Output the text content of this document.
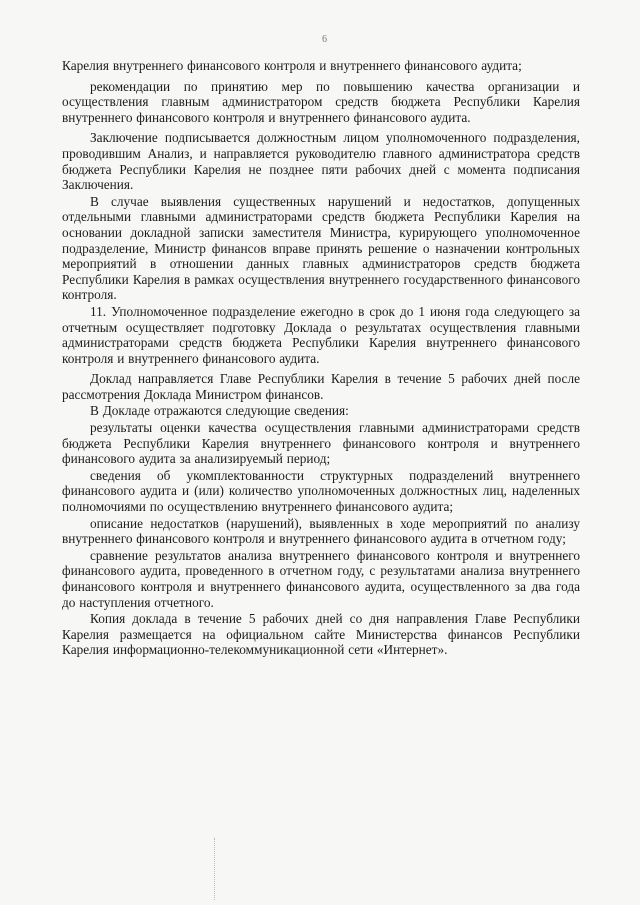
6

Карелия внутреннего финансового контроля и внутреннего финансового аудита;

рекомендации по принятию мер по повышению качества организации и осуществления главным администратором средств бюджета Республики Карелия внутреннего финансового контроля и внутреннего финансового аудита.

Заключение подписывается должностным лицом уполномоченного подразделения, проводившим Анализ, и направляется руководителю главного администратора средств бюджета Республики Карелия не позднее пяти рабочих дней с момента подписания Заключения.

В случае выявления существенных нарушений и недостатков, допущенных отдельными главными администраторами средств бюджета Республики Карелия на основании докладной записки заместителя Министра, курирующего уполномоченное подразделение, Министр финансов вправе принять решение о назначении контрольных мероприятий в отношении данных главных администраторов средств бюджета Республики Карелия в рамках осуществления внутреннего государственного финансового контроля.

11. Уполномоченное подразделение ежегодно в срок до 1 июня года следующего за отчетным осуществляет подготовку Доклада о результатах осуществления главными администраторами средств бюджета Республики Карелия внутреннего финансового контроля и внутреннего финансового аудита.

Доклад направляется Главе Республики Карелия в течение 5 рабочих дней после рассмотрения Доклада Министром финансов.

В Докладе отражаются следующие сведения:

результаты оценки качества осуществления главными администраторами средств бюджета Республики Карелия внутреннего финансового контроля и внутреннего финансового аудита за анализируемый период;

сведения об укомплектованности структурных подразделений внутреннего финансового аудита и (или) количество уполномоченных должностных лиц, наделенных полномочиями по осуществлению внутреннего финансового аудита;

описание недостатков (нарушений), выявленных в ходе мероприятий по анализу внутреннего финансового контроля и внутреннего финансового аудита в отчетном году;

сравнение результатов анализа внутреннего финансового контроля и внутреннего финансового аудита, проведенного в отчетном году, с результатами анализа внутреннего финансового контроля и внутреннего финансового аудита, осуществленного за два года до наступления отчетного.

Копия доклада в течение 5 рабочих дней со дня направления Главе Республики Карелия размещается на официальном сайте Министерства финансов Республики Карелия информационно-телекоммуникационной сети «Интернет».
